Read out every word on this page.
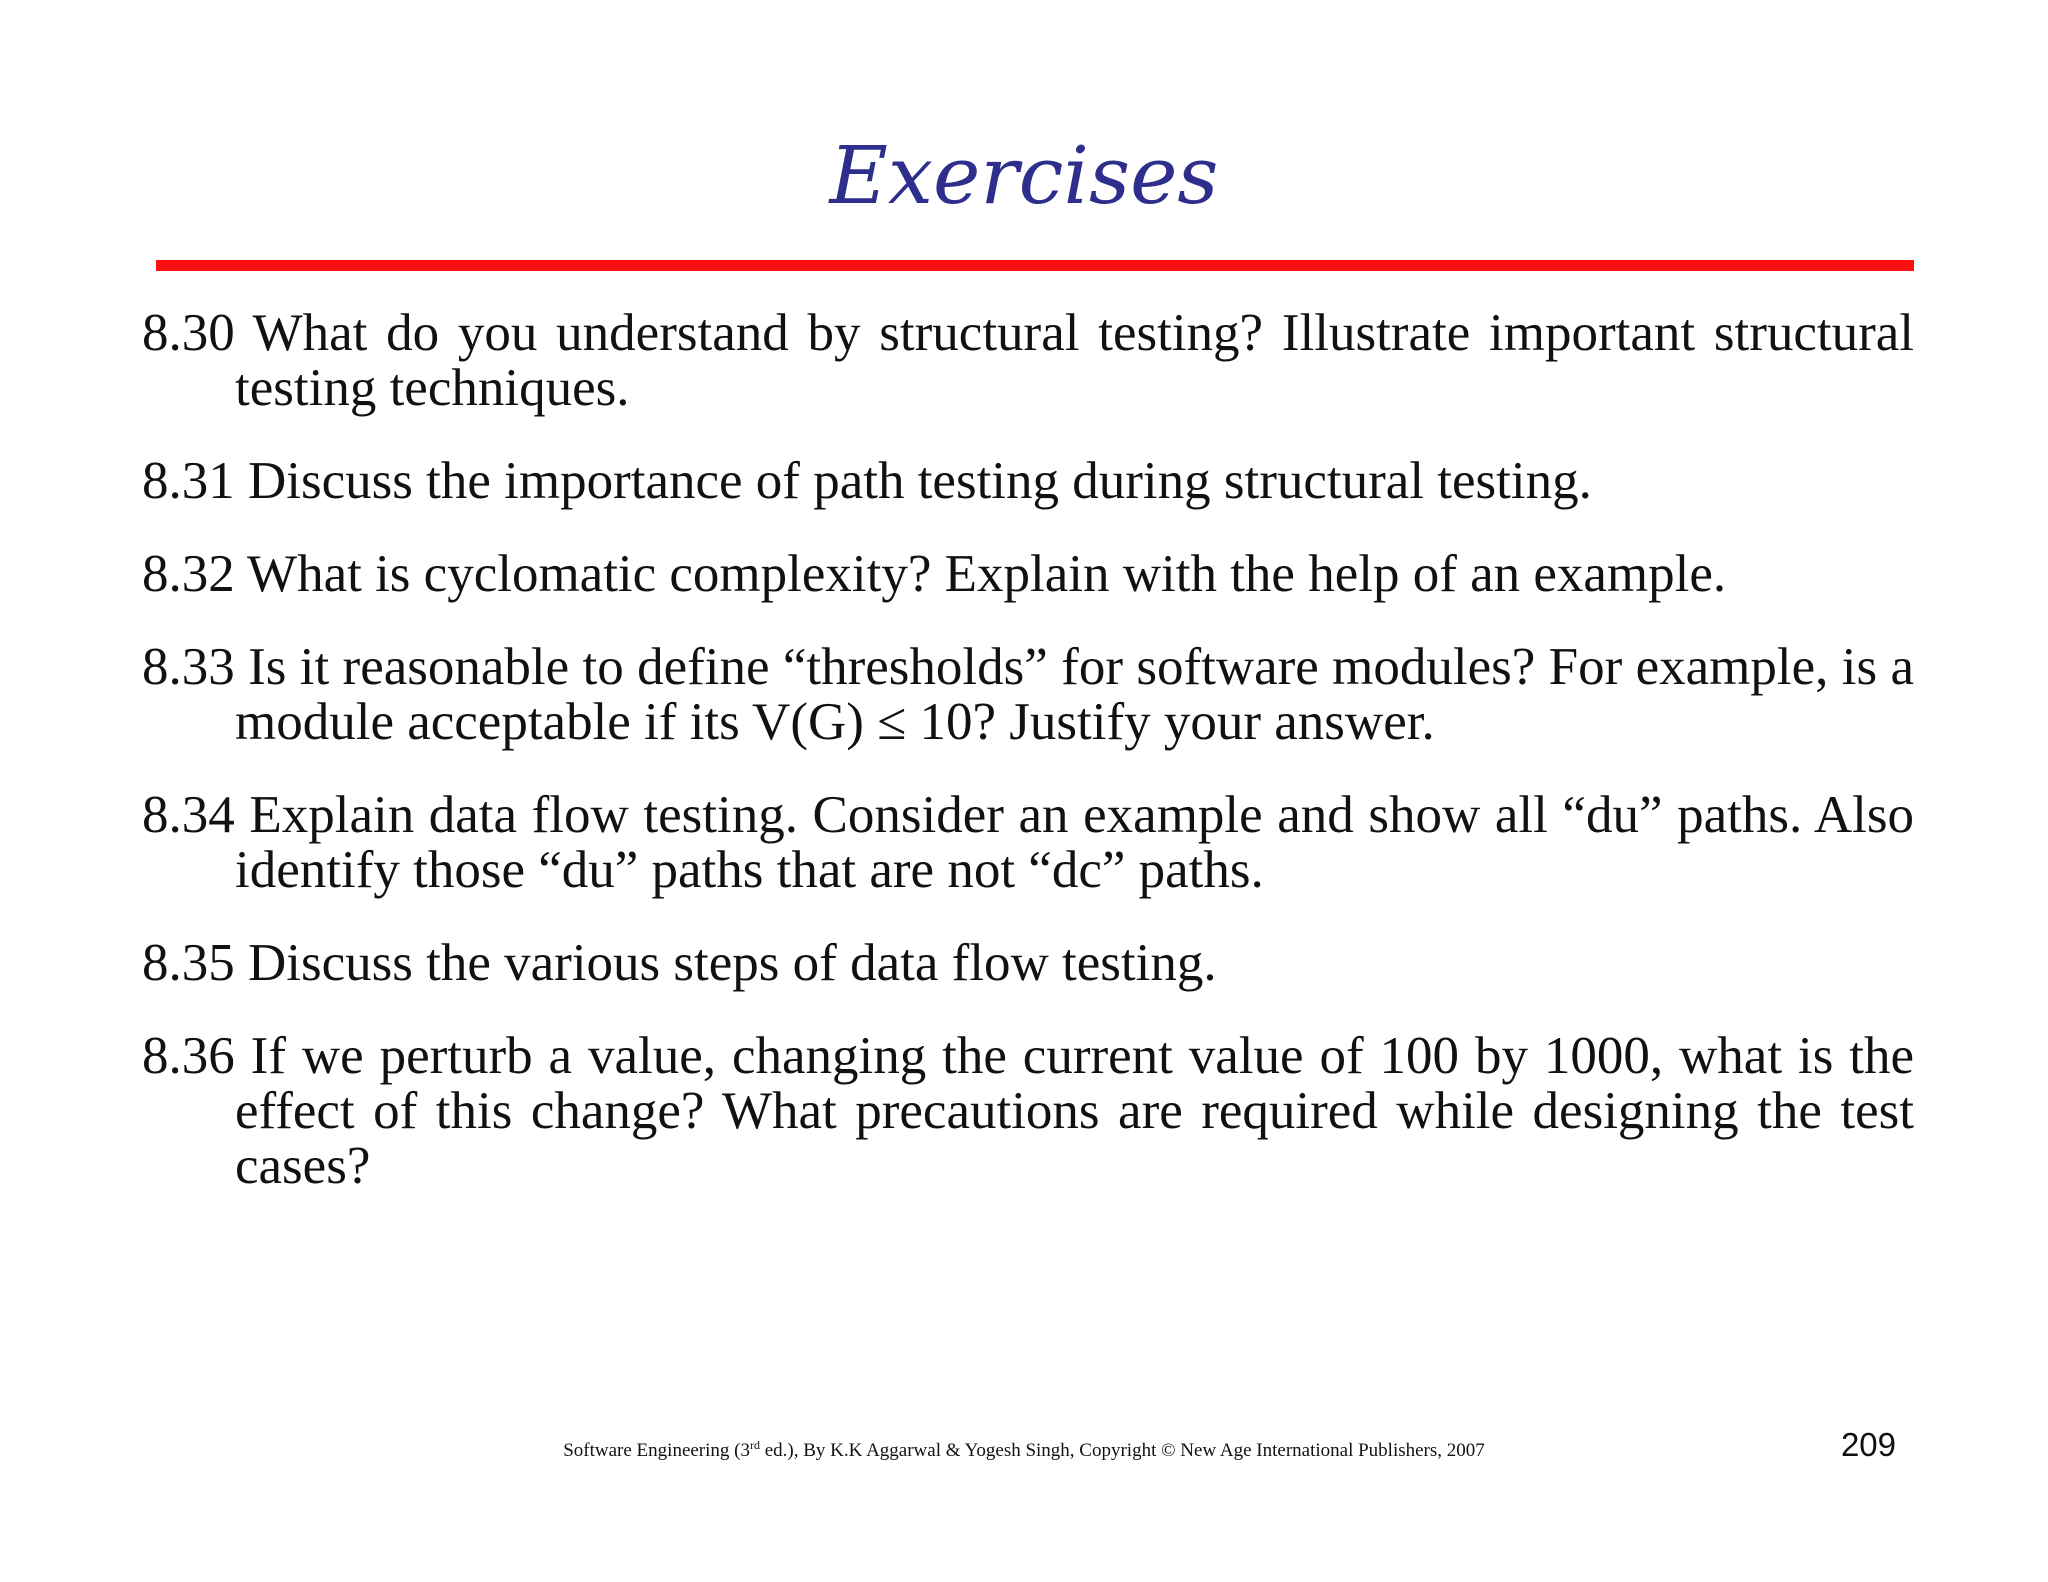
Exercises

8.30 What do you understand by structural testing? Illustrate important structural testing techniques.

8.31 Discuss the importance of path testing during structural testing.

8.32 What is cyclomatic complexity? Explain with the help of an example.

8.33 Is it reasonable to define “thresholds” for software modules? For example, is a module acceptable if its V(G) ≤ 10? Justify your answer.

8.34 Explain data flow testing. Consider an example and show all “du” paths. Also identify those “du” paths that are not “dc” paths.

8.35 Discuss the various steps of data flow testing.

8.36 If we perturb a value, changing the current value of 100 by 1000, what is the effect of this change? What precautions are required while designing the test cases?

Software Engineering (3rd ed.), By K.K Aggarwal & Yogesh Singh, Copyright © New Age International Publishers, 2007	209
